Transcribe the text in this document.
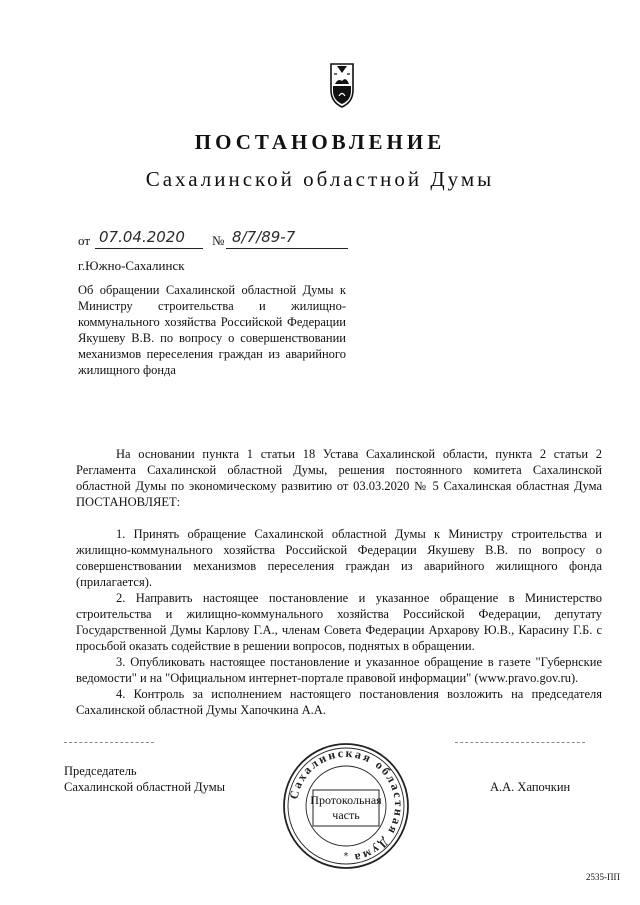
ПОСТАНОВЛЕНИЕ
Сахалинской областной Думы
от 07.04.2020 № 8/7/89-7
г.Южно-Сахалинск
Об обращении Сахалинской областной Думы к Министру строительства и жилищно-коммунального хозяйства Российской Федерации Якушеву В.В. по вопросу о совершенствовании механизмов переселения граждан из аварийного жилищного фонда

На основании пункта 1 статьи 18 Устава Сахалинской области, пункта 2 статьи 2 Регламента Сахалинской областной Думы, решения постоянного комитета Сахалинской областной Думы по экономическому развитию от 03.03.2020 № 5 Сахалинская областная Дума ПОСТАНОВЛЯЕТ:

1. Принять обращение Сахалинской областной Думы к Министру строительства и жилищно-коммунального хозяйства Российской Федерации Якушеву В.В. по вопросу о совершенствовании механизмов переселения граждан из аварийного жилищного фонда (прилагается).

2. Направить настоящее постановление и указанное обращение в Министерство строительства и жилищно-коммунального хозяйства Российской Федерации, депутату Государственной Думы Карлову Г.А., членам Совета Федерации Архарову Ю.В., Карасину Г.Б. с просьбой оказать содействие в решении вопросов, поднятых в обращении.

3. Опубликовать настоящее постановление и указанное обращение в газете "Губернские ведомости" и на "Официальном интернет-портале правовой информации" (www.pravo.gov.ru).

4. Контроль за исполнением настоящего постановления возложить на председателя Сахалинской областной Думы Хапочкина А.А.

Председатель
Сахалинской областной Думы	А.А. Хапочкин
Сахалинская областная Дума
*
Протокольная
часть
2535-ПП
